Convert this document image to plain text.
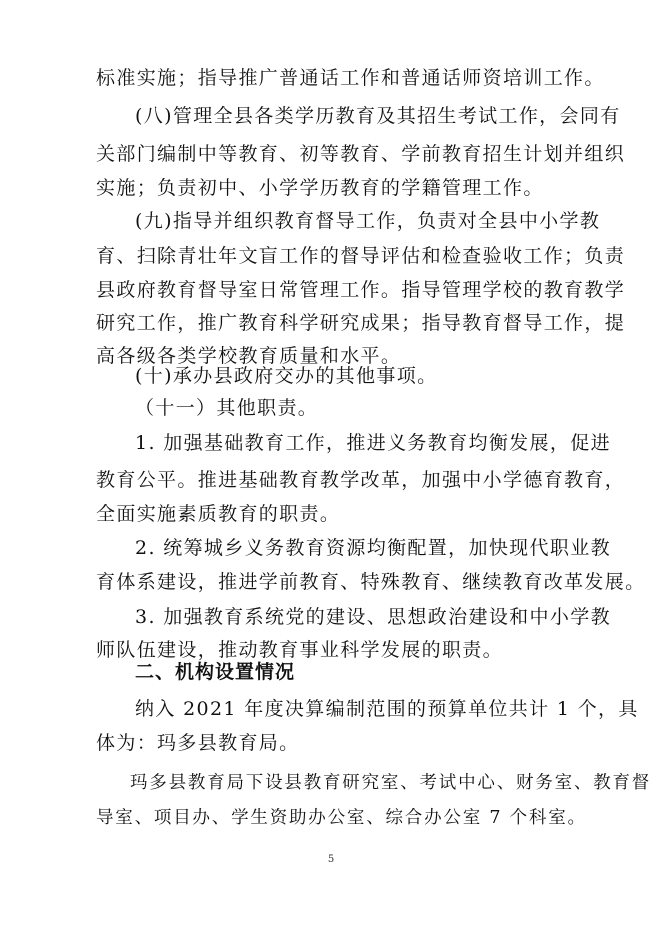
标准实施；指导推广普通话工作和普通话师资培训工作。
(八)管理全县各类学历教育及其招生考试工作，会同有
关部门编制中等教育、初等教育、学前教育招生计划并组织
实施；负责初中、小学学历教育的学籍管理工作。
(九)指导并组织教育督导工作，负责对全县中小学教
育、扫除青壮年文盲工作的督导评估和检查验收工作；负责
县政府教育督导室日常管理工作。指导管理学校的教育教学
研究工作，推广教育科学研究成果；指导教育督导工作，提
高各级各类学校教育质量和水平。
(十)承办县政府交办的其他事项。
（十一）其他职责。
1. 加强基础教育工作，推进义务教育均衡发展，促进
教育公平。推进基础教育教学改革，加强中小学德育教育，
全面实施素质教育的职责。
2. 统筹城乡义务教育资源均衡配置，加快现代职业教
育体系建设，推进学前教育、特殊教育、继续教育改革发展。
3. 加强教育系统党的建设、思想政治建设和中小学教
师队伍建设，推动教育事业科学发展的职责。
二、机构设置情况
纳入 2021 年度决算编制范围的预算单位共计 1 个，具
体为：玛多县教育局。
玛多县教育局下设县教育研究室、考试中心、财务室、教育督
导室、项目办、学生资助办公室、综合办公室 7 个科室。
5
